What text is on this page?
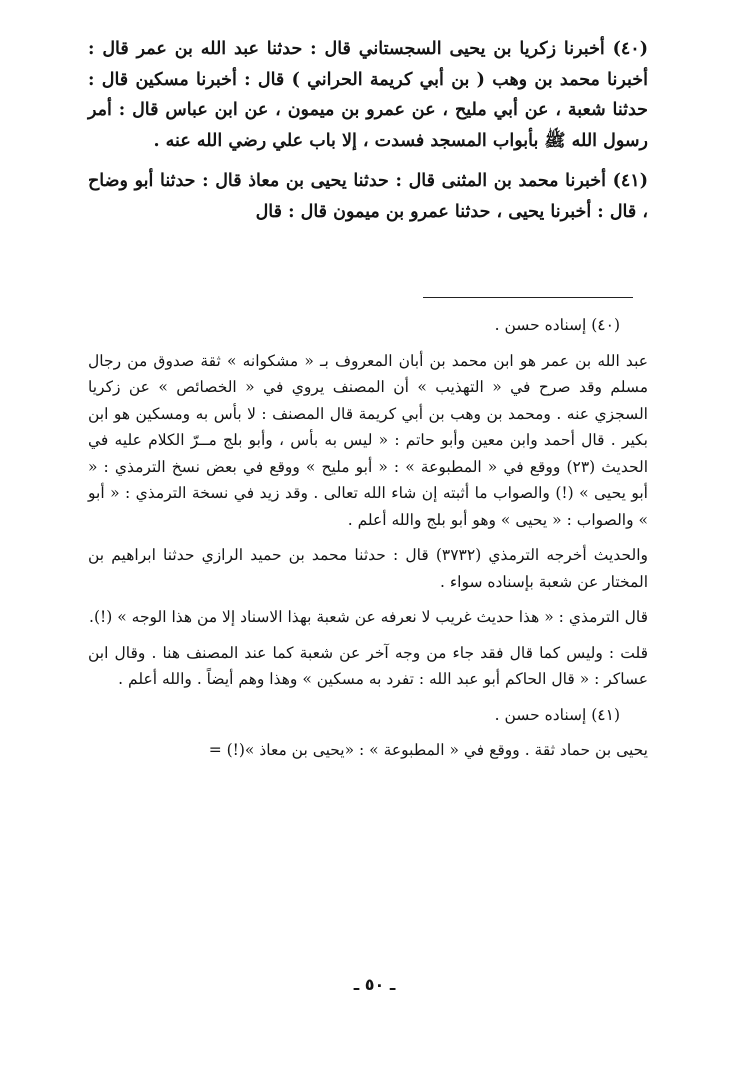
(٤٠) أخبرنا زكريا بن يحيى السجستاني قال : حدثنا عبد الله بن عمر قال : أخبرنا محمد بن وهب ( بن أبي كريمة الحراني ) قال : أخبرنا مسكين قال : حدثنا شعبة ، عن أبي مليح ، عن عمرو بن ميمون ، عن ابن عباس قال : أمر رسول الله ﷺ بأبواب المسجد فسدت ، إلا باب علي رضي الله عنه .

(٤١) أخبرنا محمد بن المثنى قال : حدثنا يحيى بن معاذ قال : حدثنا أبو وضاح ، قال : أخبرنا يحيى ، حدثنا عمرو بن ميمون قال : قال

(٤٠) إسناده حسن .

عبد الله بن عمر هو ابن محمد بن أبان المعروف بـ « مشكوانه » ثقة صدوق من رجال مسلم وقد صرح في « التهذيب » أن المصنف يروي في « الخصائص » عن زكريا السجزي عنه . ومحمد بن وهب بن أبي كريمة قال المصنف : لا بأس به ومسكين هو ابن بكير . قال أحمد وابن معين وأبو حاتم : « ليس به بأس ، وأبو بلج مــرّ الكلام عليه في الحديث (٢٣) ووقع في « المطبوعة » : « أبو مليح » ووقع في بعض نسخ الترمذي : « أبو يحيى » (!) والصواب ما أثبته إن شاء الله تعالى . وقد زيد في نسخة الترمذي : « أبو » والصواب : « يحيى » وهو أبو بلج والله أعلم .

والحديث أخرجه الترمذي (٣٧٣٢) قال : حدثنا محمد بن حميد الرازي حدثنا ابراهيم بن المختار عن شعبة بإسناده سواء .

قال الترمذي : « هذا حديث غريب لا نعرفه عن شعبة بهذا الاسناد إلا من هذا الوجه » (!).

قلت : وليس كما قال فقد جاء من وجه آخر عن شعبة كما عند المصنف هنا . وقال ابن عساكر : « قال الحاكم أبو عبد الله : تفرد به مسكين » وهذا وهم أيضاً . والله أعلم .

(٤١) إسناده حسن .

يحيى بن حماد ثقة . ووقع في « المطبوعة » : «يحيى بن معاذ »(!) =

ـ ٥٠ ـ
